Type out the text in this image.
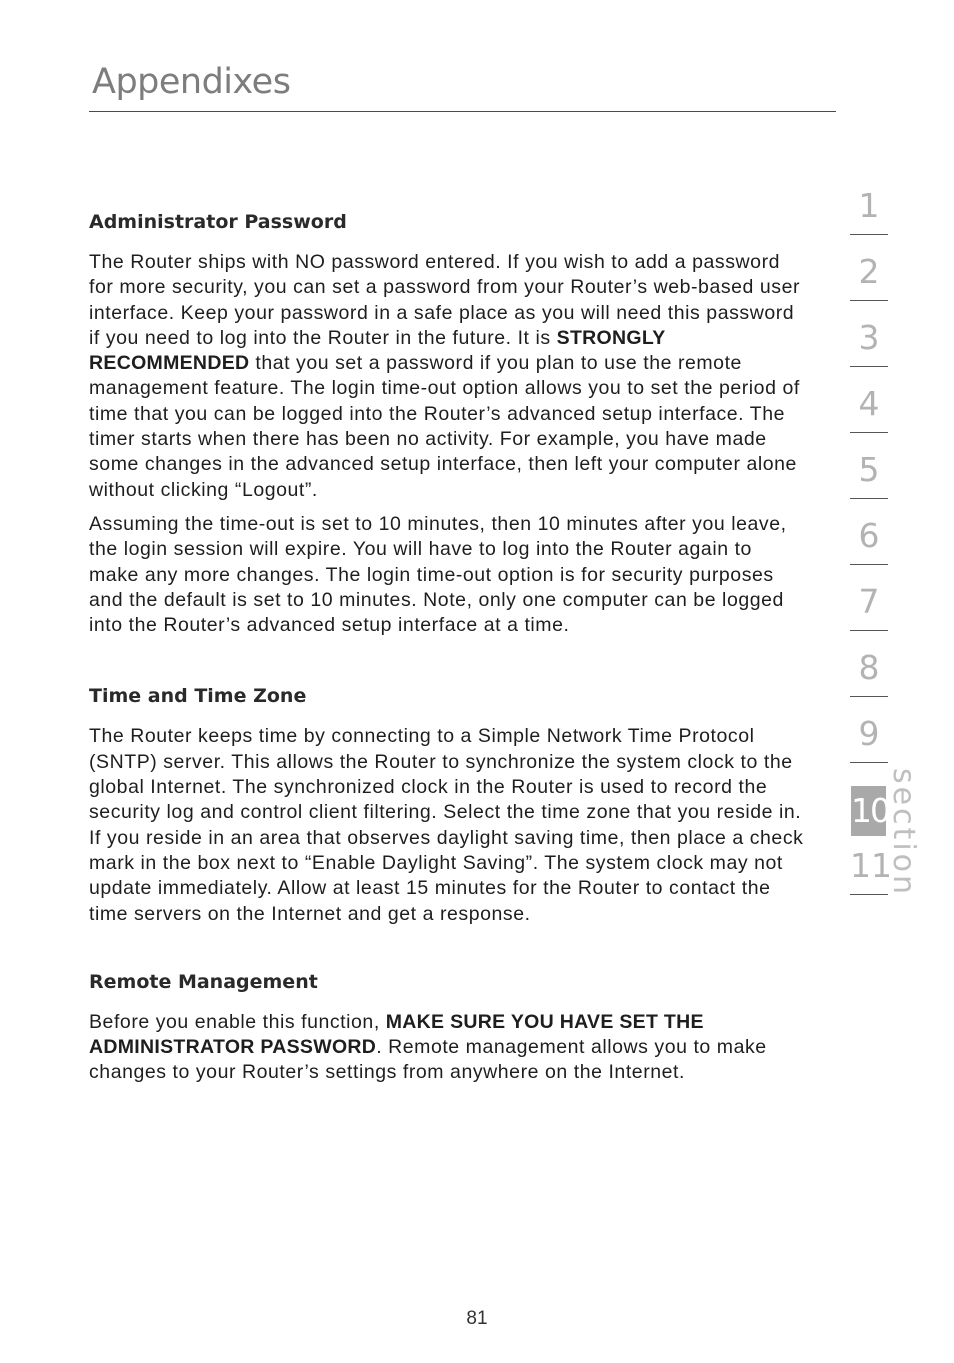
Appendixes
Administrator Password

The Router ships with NO password entered. If you wish to add a password for more security, you can set a password from your Router’s web-based user interface. Keep your password in a safe place as you will need this password if you need to log into the Router in the future. It is STRONGLY RECOMMENDED that you set a password if you plan to use the remote management feature. The login time-out option allows you to set the period of time that you can be logged into the Router’s advanced setup interface. The timer starts when there has been no activity. For example, you have made some changes in the advanced setup interface, then left your computer alone without clicking “Logout”.

Assuming the time-out is set to 10 minutes, then 10 minutes after you leave, the login session will expire. You will have to log into the Router again to make any more changes. The login time-out option is for security purposes and the default is set to 10 minutes. Note, only one computer can be logged into the Router’s advanced setup interface at a time.

Time and Time Zone

The Router keeps time by connecting to a Simple Network Time Protocol (SNTP) server. This allows the Router to synchronize the system clock to the global Internet. The synchronized clock in the Router is used to record the security log and control client filtering. Select the time zone that you reside in. If you reside in an area that observes daylight saving time, then place a check mark in the box next to “Enable Daylight Saving”. The system clock may not update immediately. Allow at least 15 minutes for the Router to contact the time servers on the Internet and get a response.

Remote Management

Before you enable this function, MAKE SURE YOU HAVE SET THE ADMINISTRATOR PASSWORD. Remote management allows you to make changes to your Router’s settings from anywhere on the Internet.

1
2
3
4
5
6
7
8
9
10
11
section
81
